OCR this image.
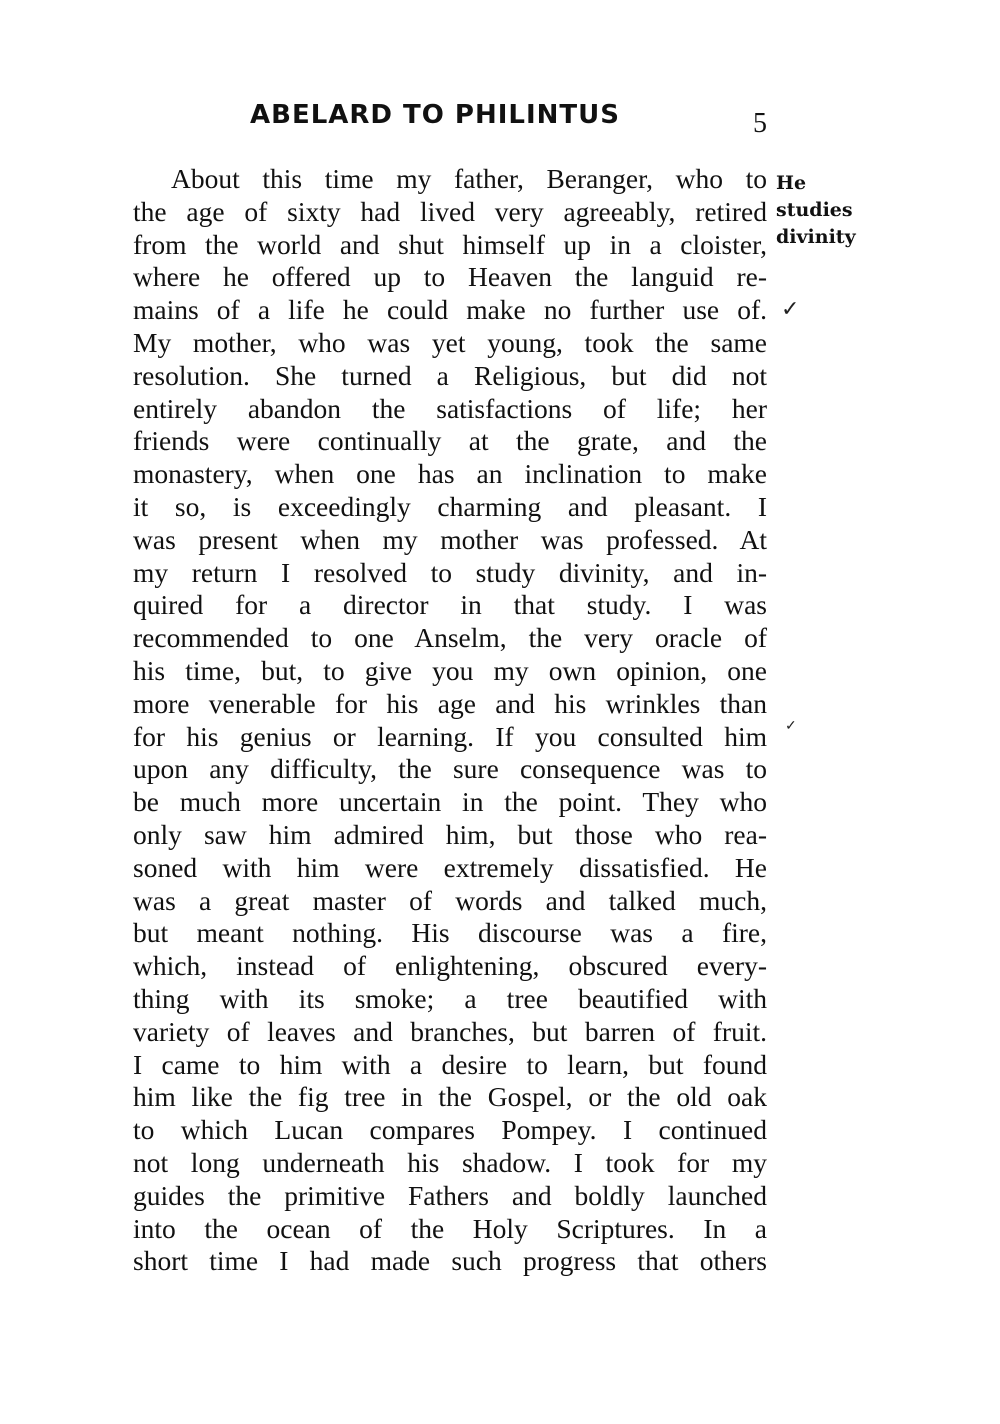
ABELARD TO PHILINTUS	5
He
studies
divinity
✓
✓
About this time my father, Beranger, who to
the age of sixty had lived very agreeably, retired
from the world and shut himself up in a cloister,
where he offered up to Heaven the languid re-
mains of a life he could make no further use of.
My mother, who was yet young, took the same
resolution. She turned a Religious, but did not
entirely abandon the satisfactions of life; her
friends were continually at the grate, and the
monastery, when one has an inclination to make
it so, is exceedingly charming and pleasant. I
was present when my mother was professed. At
my return I resolved to study divinity, and in-
quired for a director in that study. I was
recommended to one Anselm, the very oracle of
his time, but, to give you my own opinion, one
more venerable for his age and his wrinkles than
for his genius or learning. If you consulted him
upon any difficulty, the sure consequence was to
be much more uncertain in the point. They who
only saw him admired him, but those who rea-
soned with him were extremely dissatisfied. He
was a great master of words and talked much,
but meant nothing. His discourse was a fire,
which, instead of enlightening, obscured every-
thing with its smoke; a tree beautified with
variety of leaves and branches, but barren of fruit.
I came to him with a desire to learn, but found
him like the fig tree in the Gospel, or the old oak
to which Lucan compares Pompey. I continued
not long underneath his shadow. I took for my
guides the primitive Fathers and boldly launched
into the ocean of the Holy Scriptures. In a
short time I had made such progress that others
